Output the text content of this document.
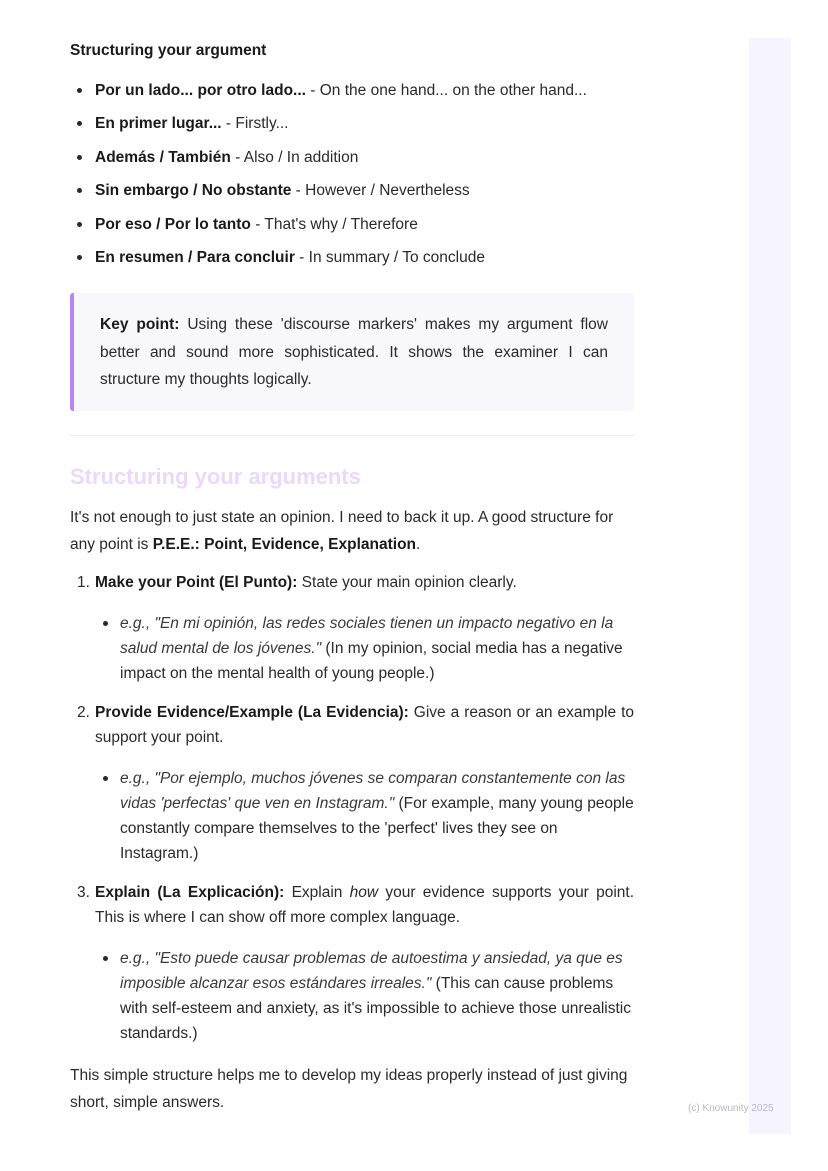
Structuring your argument
Por un lado... por otro lado... - On the one hand... on the other hand...
En primer lugar... - Firstly...
Además / También - Also / In addition
Sin embargo / No obstante - However / Nevertheless
Por eso / Por lo tanto - That's why / Therefore
En resumen / Para concluir - In summary / To conclude
Key point: Using these 'discourse markers' makes my argument flow better and sound more sophisticated. It shows the examiner I can structure my thoughts logically.
Structuring your arguments

It's not enough to just state an opinion. I need to back it up. A good structure for any point is P.E.E.: Point, Evidence, Explanation.

1. Make your Point (El Punto): State your main opinion clearly.
e.g., "En mi opinión, las redes sociales tienen un impacto negativo en la salud mental de los jóvenes." (In my opinion, social media has a negative impact on the mental health of young people.)
2. Provide Evidence/Example (La Evidencia): Give a reason or an example to support your point.
e.g., "Por ejemplo, muchos jóvenes se comparan constantemente con las vidas 'perfectas' que ven en Instagram." (For example, many young people constantly compare themselves to the 'perfect' lives they see on Instagram.)
3. Explain (La Explicación): Explain how your evidence supports your point. This is where I can show off more complex language.
e.g., "Esto puede causar problemas de autoestima y ansiedad, ya que es imposible alcanzar esos estándares irreales." (This can cause problems with self-esteem and anxiety, as it's impossible to achieve those unrealistic standards.)

This simple structure helps me to develop my ideas properly instead of just giving short, simple answers.	(c) Knowunity 2025
